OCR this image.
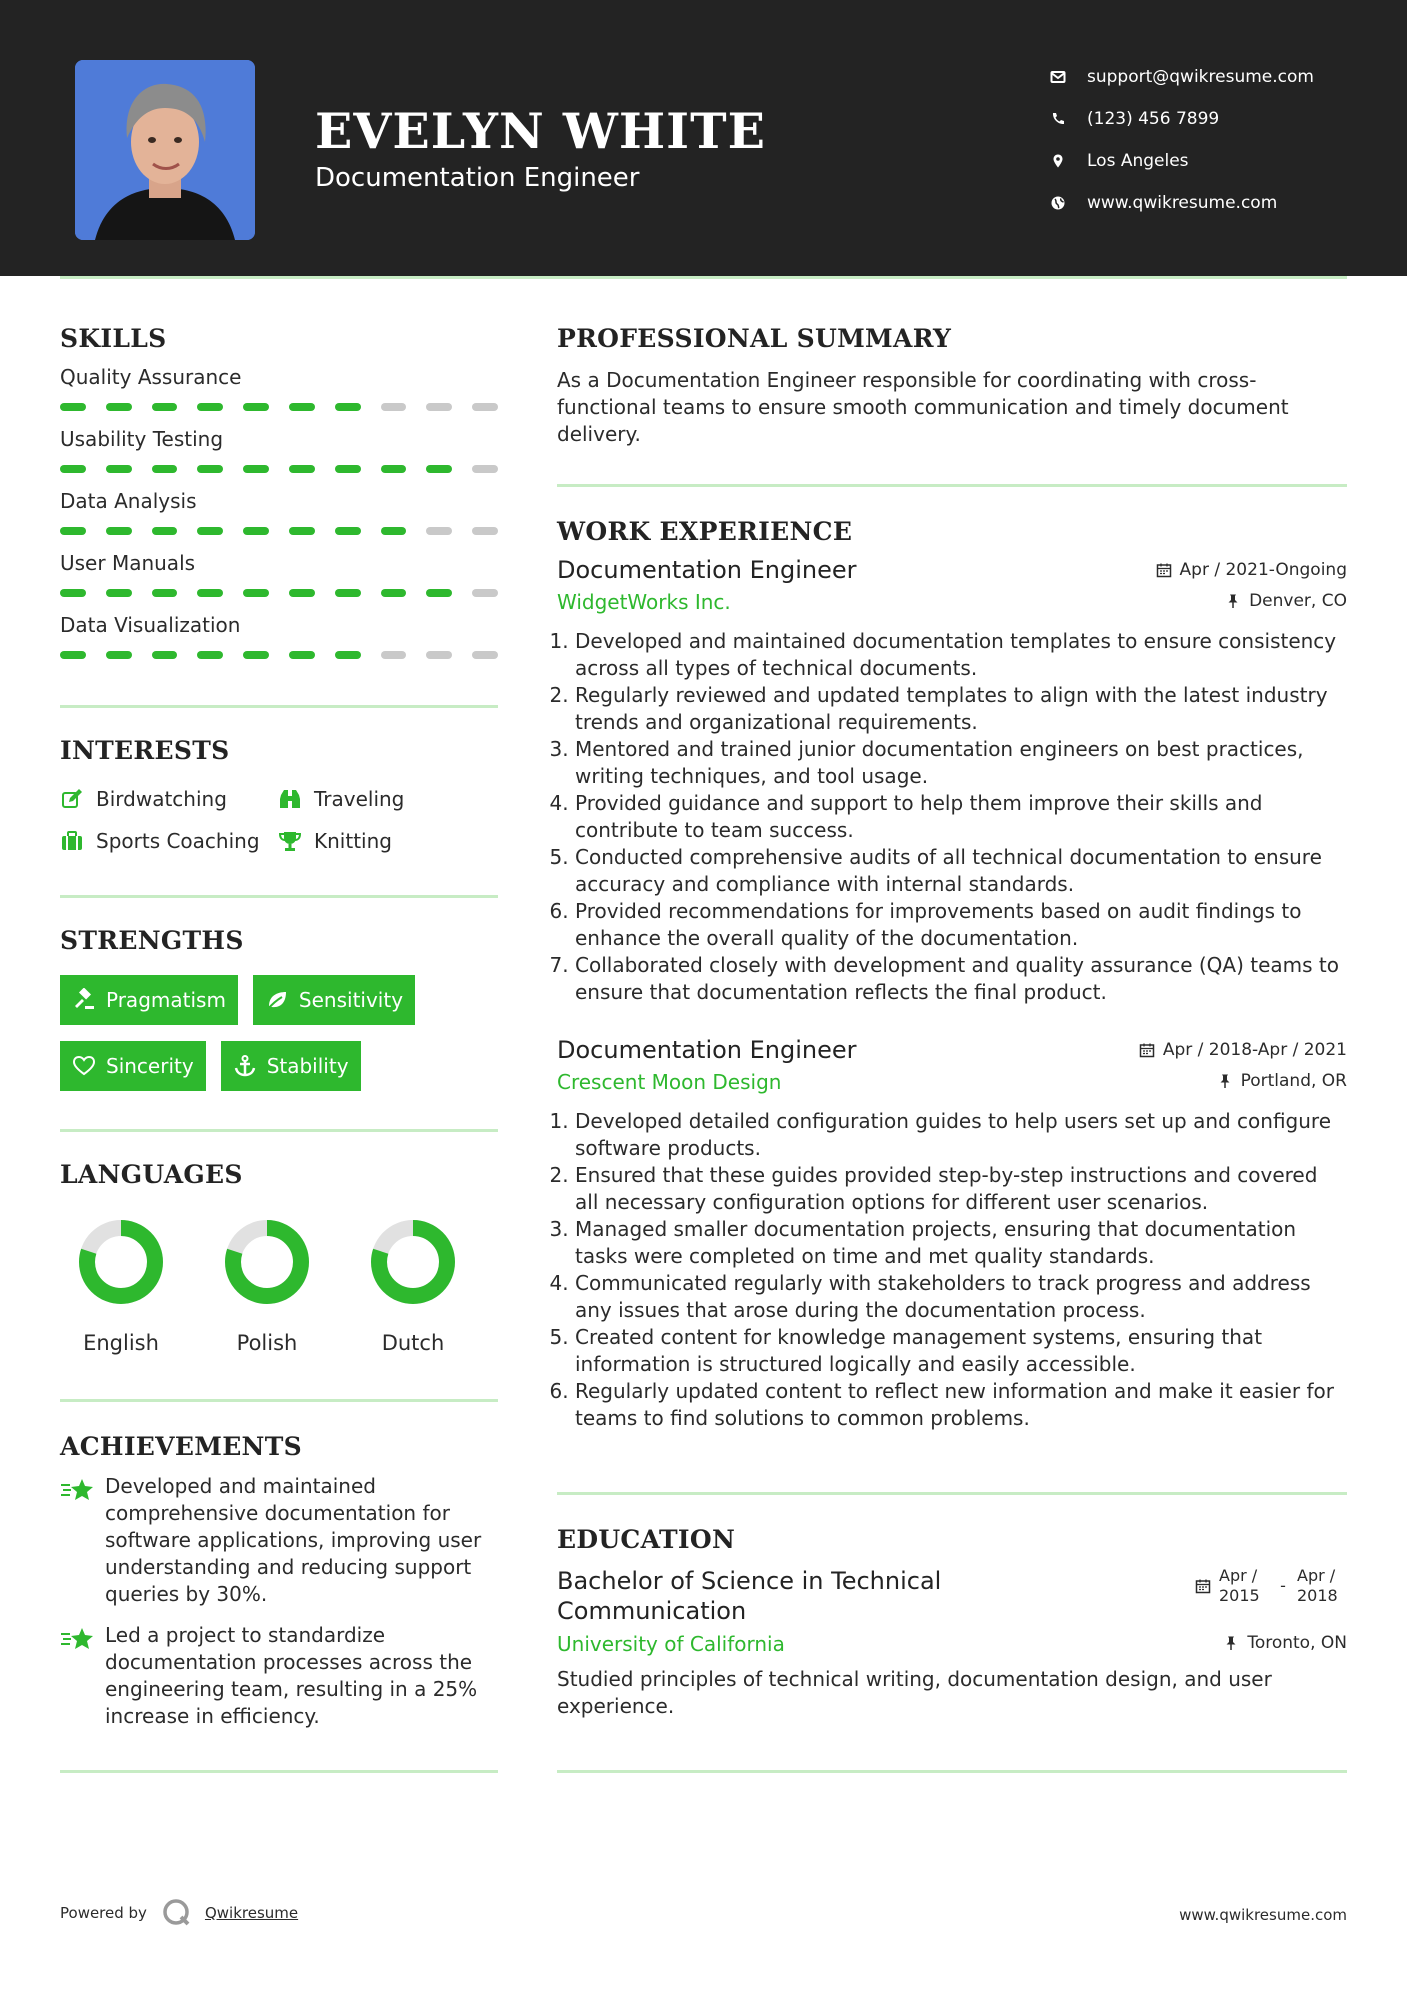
EVELYN WHITE
Documentation Engineer
support@qwikresume.com
(123) 456 7899
Los Angeles
www.qwikresume.com
SKILLS
Quality Assurance
Usability Testing
Data Analysis
User Manuals
Data Visualization
INTERESTS
Birdwatching	Traveling
Sports Coaching	Knitting
STRENGTHS
Pragmatism	Sensitivity
Sincerity	Stability
LANGUAGES
English	Polish	Dutch
ACHIEVEMENTS
Developed and maintained comprehensive documentation for software applications, improving user understanding and reducing support queries by 30%.
Led a project to standardize documentation processes across the engineering team, resulting in a 25% increase in efficiency.
PROFESSIONAL SUMMARY
As a Documentation Engineer responsible for coordinating with cross-functional teams to ensure smooth communication and timely document delivery.
WORK EXPERIENCE
Documentation Engineer	Apr / 2021-Ongoing
WidgetWorks Inc.	Denver, CO
1. Developed and maintained documentation templates to ensure consistency across all types of technical documents.
2. Regularly reviewed and updated templates to align with the latest industry trends and organizational requirements.
3. Mentored and trained junior documentation engineers on best practices, writing techniques, and tool usage.
4. Provided guidance and support to help them improve their skills and contribute to team success.
5. Conducted comprehensive audits of all technical documentation to ensure accuracy and compliance with internal standards.
6. Provided recommendations for improvements based on audit findings to enhance the overall quality of the documentation.
7. Collaborated closely with development and quality assurance (QA) teams to ensure that documentation reflects the final product.
Documentation Engineer	Apr / 2018-Apr / 2021
Crescent Moon Design	Portland, OR
1. Developed detailed configuration guides to help users set up and configure software products.
2. Ensured that these guides provided step-by-step instructions and covered all necessary configuration options for different user scenarios.
3. Managed smaller documentation projects, ensuring that documentation tasks were completed on time and met quality standards.
4. Communicated regularly with stakeholders to track progress and address any issues that arose during the documentation process.
5. Created content for knowledge management systems, ensuring that information is structured logically and easily accessible.
6. Regularly updated content to reflect new information and make it easier for teams to find solutions to common problems.
EDUCATION
Bachelor of Science in Technical Communication
Apr / 2015
-
Apr / 2018
University of California	Toronto, ON
Studied principles of technical writing, documentation design, and user experience.
Powered by	Qwikresume	www.qwikresume.com
